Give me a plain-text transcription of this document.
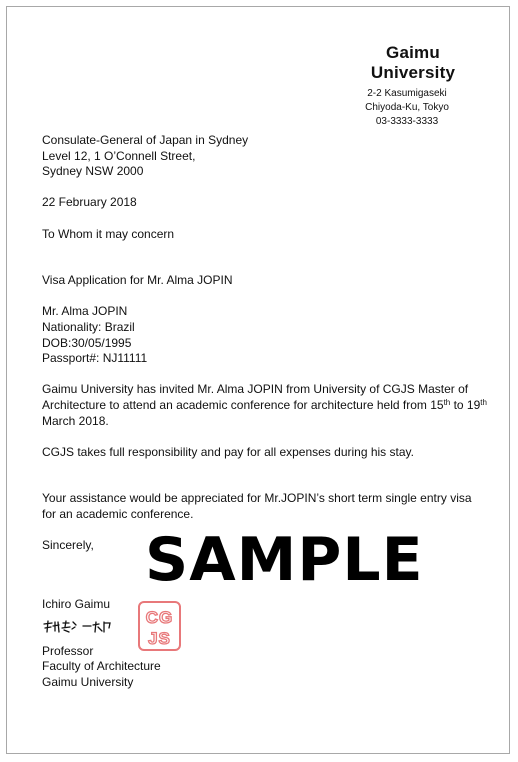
Gaimu University
2-2 Kasumigaseki
Chiyoda-Ku, Tokyo
03-3333-3333

Consulate-General of Japan in Sydney

Level 12, 1 O’Connell Street,

Sydney NSW 2000

22 February 2018

To Whom it may concern

Visa Application for Mr. Alma JOPIN

Mr. Alma JOPIN

Nationality: Brazil

DOB:30/05/1995

Passport#: NJ11111

Gaimu University has invited Mr. Alma JOPIN from University of CGJS Master of Architecture to attend an academic conference for architecture held from 15th to 19th March 2018.

CGJS takes full responsibility and pay for all expenses during his stay.

Your assistance would be appreciated for Mr.JOPIN’s short term single entry visa for an academic conference.

Sincerely, SAMPLE

Ichiro Gaimu

Professor

Faculty of Architecture

Gaimu University

CG
JS
